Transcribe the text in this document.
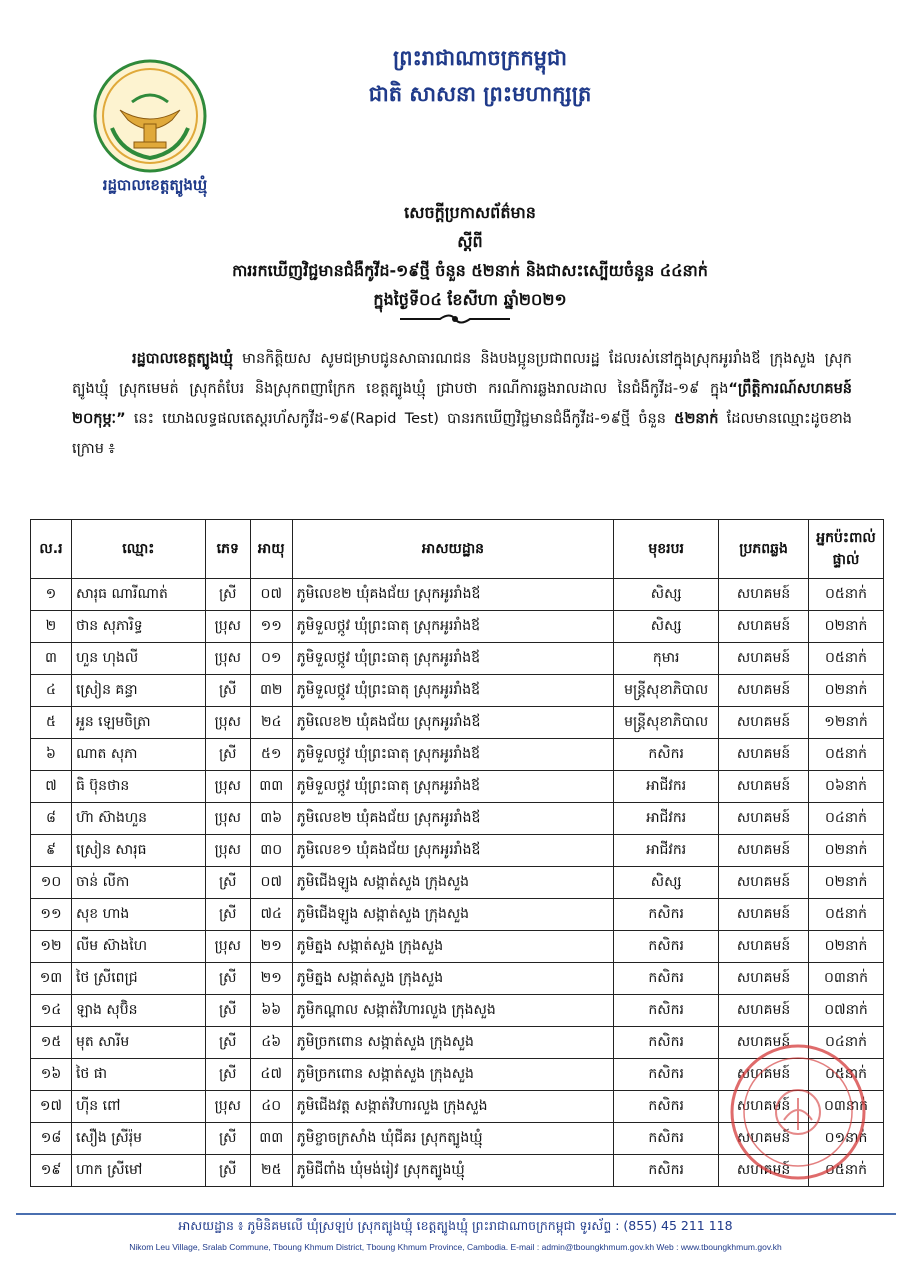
រដ្ឋបាលខេត្តត្បូងឃ្មុំ
ព្រះរាជាណាចក្រកម្ពុជា
ជាតិ សាសនា ព្រះមហាក្សត្រ
សេចក្ដីប្រកាសព័ត៌មាន
ស្ដីពី
ការរកឃើញវិជ្ជមានជំងឺកូវីដ-១៩ថ្មី ចំនួន ៥២នាក់ និងជាសះស្បើយចំនួន ៤៤នាក់
ក្នុងថ្ងៃទី០៤ ខែសីហា ឆ្នាំ២០២១
រដ្ឋបាលខេត្តត្បូងឃ្មុំ មានកិត្តិយស សូមជម្រាបជូនសាធារណជន និងបងប្អូនប្រជាពលរដ្ឋ ដែលរស់នៅក្នុងស្រុកអូររាំងឪ ក្រុងសួង ស្រុកត្បូងឃ្មុំ ស្រុកមេមត់ ស្រុកតំបែរ និងស្រុកពញាក្រែក ខេត្តត្បូងឃ្មុំ ជ្រាបថា ករណីការឆ្លងរាលដាល នៃជំងឺកូវីដ-១៩ ក្នុង“ព្រឹត្តិការណ៍សហគមន៍ ២០កុម្ភៈ” នេះ យោងលទ្ធផលតេស្តរហ័សកូវីដ-១៩(Rapid Test) បានរកឃើញវិជ្ជមានជំងឺកូវីដ-១៩ថ្មី ចំនួន ៥២នាក់ ដែលមានឈ្មោះដូចខាងក្រោម ៖
ល.រ	ឈ្មោះ	ភេទ	អាយុ	អាសយដ្ឋាន	មុខរបរ	ប្រភពឆ្លង	អ្នកប៉ះពាល់ផ្ទាល់
១	សារុធ ណារីណាត់	ស្រី	០៧	ភូមិលេខ២ ឃុំគងជ័យ ស្រុកអូររាំងឪ	សិស្ស	សហគមន៍	០៥នាក់
២	ថាន សុភារិទ្ធ	ប្រុស	១១	ភូមិទួលថ្កូវ ឃុំព្រះធាតុ ស្រុកអូររាំងឪ	សិស្ស	សហគមន៍	០២នាក់
៣	ហួន ហុងលី	ប្រុស	០១	ភូមិទួលថ្កូវ ឃុំព្រះធាតុ ស្រុកអូររាំងឪ	កុមារ	សហគមន៍	០៥នាក់
៤	ស្រៀន គន្ធា	ស្រី	៣២	ភូមិទួលថ្កូវ ឃុំព្រះធាតុ ស្រុកអូររាំងឪ	មន្ត្រីសុខាភិបាល	សហគមន៍	០២នាក់
៥	អួន ឡេមចិត្រា	ប្រុស	២៤	ភូមិលេខ២ ឃុំគងជ័យ ស្រុកអូររាំងឪ	មន្ត្រីសុខាភិបាល	សហគមន៍	១២នាក់
៦	ណាត សុភា	ស្រី	៥១	ភូមិទួលថ្កូវ ឃុំព្រះធាតុ ស្រុកអូររាំងឪ	កសិករ	សហគមន៍	០៥នាក់
៧	ធិ ប៊ុនថាន	ប្រុស	៣៣	ភូមិទួលថ្កូវ ឃុំព្រះធាតុ ស្រុកអូររាំងឪ	អាជីវករ	សហគមន៍	០៦នាក់
៨	ហ៊ា ស៊ាងហួន	ប្រុស	៣៦	ភូមិលេខ២ ឃុំគងជ័យ ស្រុកអូររាំងឪ	អាជីវករ	សហគមន៍	០៤នាក់
៩	ស្រៀន សារុធ	ប្រុស	៣០	ភូមិលេខ១ ឃុំគងជ័យ ស្រុកអូររាំងឪ	អាជីវករ	សហគមន៍	០២នាក់
១០	ចាន់ លីកា	ស្រី	០៧	ភូមិជើងឡូង សង្កាត់សួង ក្រុងសួង	សិស្ស	សហគមន៍	០២នាក់
១១	សុខ ហាង	ស្រី	៧៤	ភូមិជើងឡូង សង្កាត់សួង ក្រុងសួង	កសិករ	សហគមន៍	០៥នាក់
១២	លីម ស៊ាងហៃ	ប្រុស	២១	ភូមិត្នង សង្កាត់សួង ក្រុងសួង	កសិករ	សហគមន៍	០២នាក់
១៣	ថៃ ស្រីពេជ្រ	ស្រី	២១	ភូមិត្នង សង្កាត់សួង ក្រុងសួង	កសិករ	សហគមន៍	០៣នាក់
១៤	ឡាង សុប៊ិន	ស្រី	៦៦	ភូមិកណ្ដាល សង្កាត់វិហារលួង ក្រុងសួង	កសិករ	សហគមន៍	០៧នាក់
១៥	មុត សារីម	ស្រី	៤៦	ភូមិច្រកពោន សង្កាត់សួង ក្រុងសួង	កសិករ	សហគមន៍	០៤នាក់
១៦	ថៃ ផា	ស្រី	៤៧	ភូមិច្រកពោន សង្កាត់សួង ក្រុងសួង	កសិករ	សហគមន៍	០៥នាក់
១៧	ហ៊ីន ពៅ	ប្រុស	៤០	ភូមិជើងវត្ត សង្កាត់វិហារលួង ក្រុងសួង	កសិករ	សហគមន៍	០៣នាក់
១៨	សឿង ស្រីរ៉ុម	ស្រី	៣៣	ភូមិខ្ចាចក្រសាំង ឃុំជីគរ ស្រុកត្បូងឃ្មុំ	កសិករ	សហគមន៍	០១នាក់
១៩	ហាក ស្រីមៅ	ស្រី	២៥	ភូមិជីពាំង ឃុំមង់រៀវ ស្រុកត្បូងឃ្មុំ	កសិករ	សហគមន៍	០៥នាក់
អាសយដ្ឋាន ៖ ភូមិនិគមលើ ឃុំស្រឡប់ ស្រុកត្បូងឃ្មុំ ខេត្តត្បូងឃ្មុំ ព្រះរាជាណាចក្រកម្ពុជា ទូរស័ព្ទ : (855) 45 211 118
Nikom Leu Village, Sralab Commune, Tboung Khmum District, Tboung Khmum Province, Cambodia. E-mail : admin@tboungkhmum.gov.kh Web : www.tboungkhmum.gov.kh
